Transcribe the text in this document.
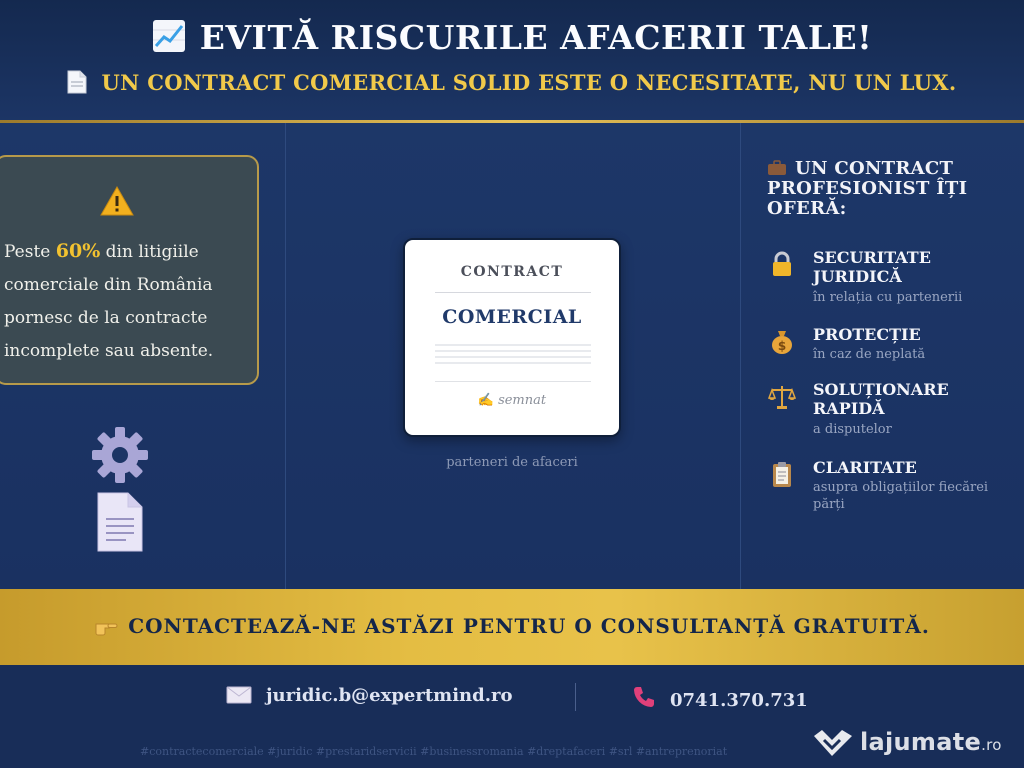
EVITĂ RISCURILE AFACERII TALE!
UN CONTRACT COMERCIAL SOLID ESTE O NECESITATE, NU UN LUX.
Peste 60% din litigiile comerciale din România pornesc de la contracte incomplete sau absente.
CONTRACT
COMERCIAL
✍ semnat
parteneri de afaceri
UN CONTRACT PROFESIONIST ÎȚI OFERĂ:
SECURITATE JURIDICĂ
în relația cu partenerii
$
PROTECȚIE
în caz de neplată
SOLUȚIONARE RAPIDĂ
a disputelor
CLARITATE
asupra obligațiilor fiecărei părți
CONTACTEAZĂ-NE ASTĂZI PENTRU O CONSULTANȚĂ GRATUITĂ.
juridic.b@expertmind.ro	0741.370.731
#contractecomerciale #juridic #prestaridservicii #businessromania #dreptafaceri #srl #antreprenoriat	lajumate.ro
